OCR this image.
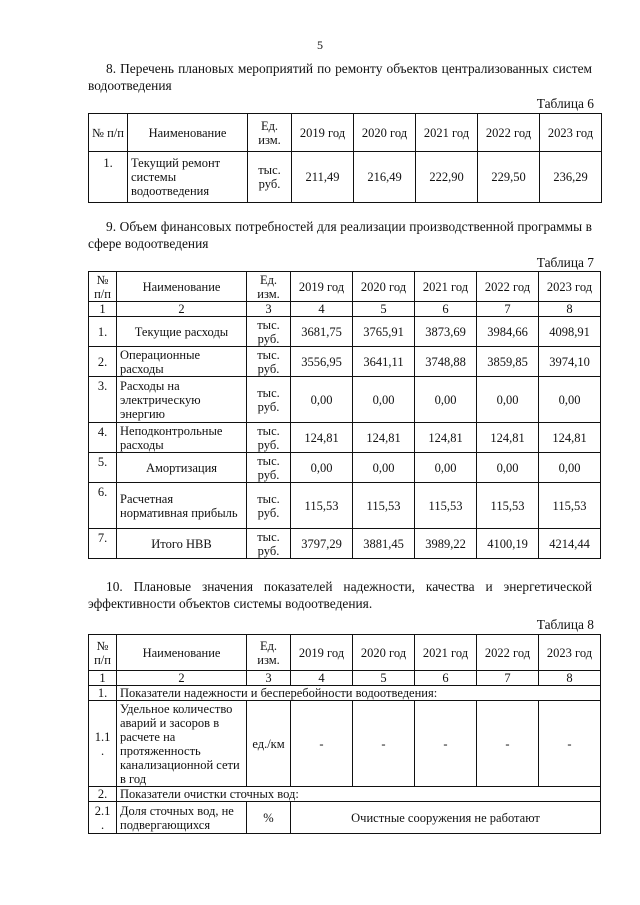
5
8. Перечень плановых мероприятий по ремонту объектов централизованных систем водоотведения
Таблица 6
№ п/п	Наименование	Ед. изм.	2019 год	2020 год	2021 год	2022 год	2023 год
1.	Текущий ремонт системы водоотведения	тыс. руб.	211,49	216,49	222,90	229,50	236,29
9. Объем финансовых потребностей для реализации производственной программы в сфере водоотведения
Таблица 7
№ п/п	Наименование	Ед. изм.	2019 год	2020 год	2021 год	2022 год	2023 год
1	2	3	4	5	6	7	8
1.	Текущие расходы	тыс. руб.	3681,75	3765,91	3873,69	3984,66	4098,91
2.	Операционные расходы	тыс. руб.	3556,95	3641,11	3748,88	3859,85	3974,10
3.	Расходы на электрическую энергию	тыс. руб.	0,00	0,00	0,00	0,00	0,00
4.	Неподконтрольные расходы	тыс. руб.	124,81	124,81	124,81	124,81	124,81
5.	Амортизация	тыс. руб.	0,00	0,00	0,00	0,00	0,00
6.	Расчетная нормативная прибыль	тыс. руб.	115,53	115,53	115,53	115,53	115,53
7.	Итого НВВ	тыс. руб.	3797,29	3881,45	3989,22	4100,19	4214,44
10. Плановые значения показателей надежности, качества и энергетической эффективности объектов системы водоотведения.
Таблица 8
№ п/п	Наименование	Ед. изм.	2019 год	2020 год	2021 год	2022 год	2023 год
1	2	3	4	5	6	7	8
1.	Показатели надежности и бесперебойности водоотведения:						
1.1 .	Удельное количество аварий и засоров в расчете на протяженность канализационной сети в год	ед./км	-	-	-	-	-
2.	Показатели очистки сточных вод:						
2.1 .	Доля сточных вод, не подвергающихся	%	Очистные сооружения не работают				
